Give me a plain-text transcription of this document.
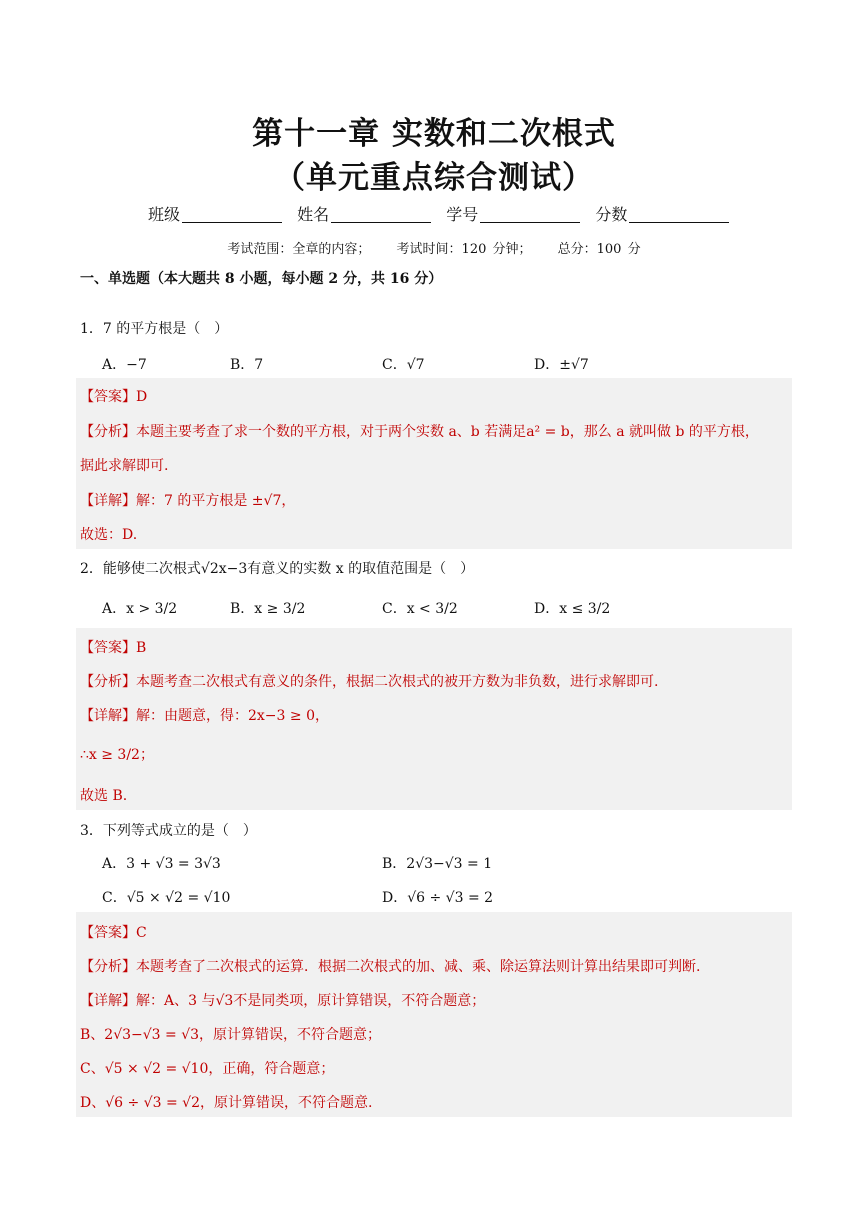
第十一章 实数和二次根式
（单元重点综合测试）
班级	姓名	学号	分数
考试范围：全章的内容； 考试时间：120 分钟； 总分：100 分
一、单选题（本大题共 8 小题，每小题 2 分，共 16 分）
1．7 的平方根是（　）
A．−7	B．7	C．√7	D．±√7
【答案】D
【分析】本题主要考查了求一个数的平方根，对于两个实数 a、b 若满足a² = b，那么 a 就叫做 b 的平方根，
据此求解即可.
【详解】解：7 的平方根是 ±√7，
故选：D.
2．能够使二次根式√2x−3有意义的实数 x 的取值范围是（　）
A．x > 3/2	B．x ≥ 3/2	C．x < 3/2	D．x ≤ 3/2
【答案】B
【分析】本题考查二次根式有意义的条件，根据二次根式的被开方数为非负数，进行求解即可.
【详解】解：由题意，得：2x−3 ≥ 0，
∴x ≥ 3/2；
故选 B.
3．下列等式成立的是（　）
A．3 + √3 = 3√3	B．2√3−√3 = 1
C．√5 × √2 = √10	D．√6 ÷ √3 = 2
【答案】C
【分析】本题考查了二次根式的运算．根据二次根式的加、减、乘、除运算法则计算出结果即可判断.
【详解】解：A、3 与√3不是同类项，原计算错误，不符合题意；
B、2√3−√3 = √3，原计算错误，不符合题意；
C、√5 × √2 = √10，正确，符合题意；
D、√6 ÷ √3 = √2，原计算错误，不符合题意.
